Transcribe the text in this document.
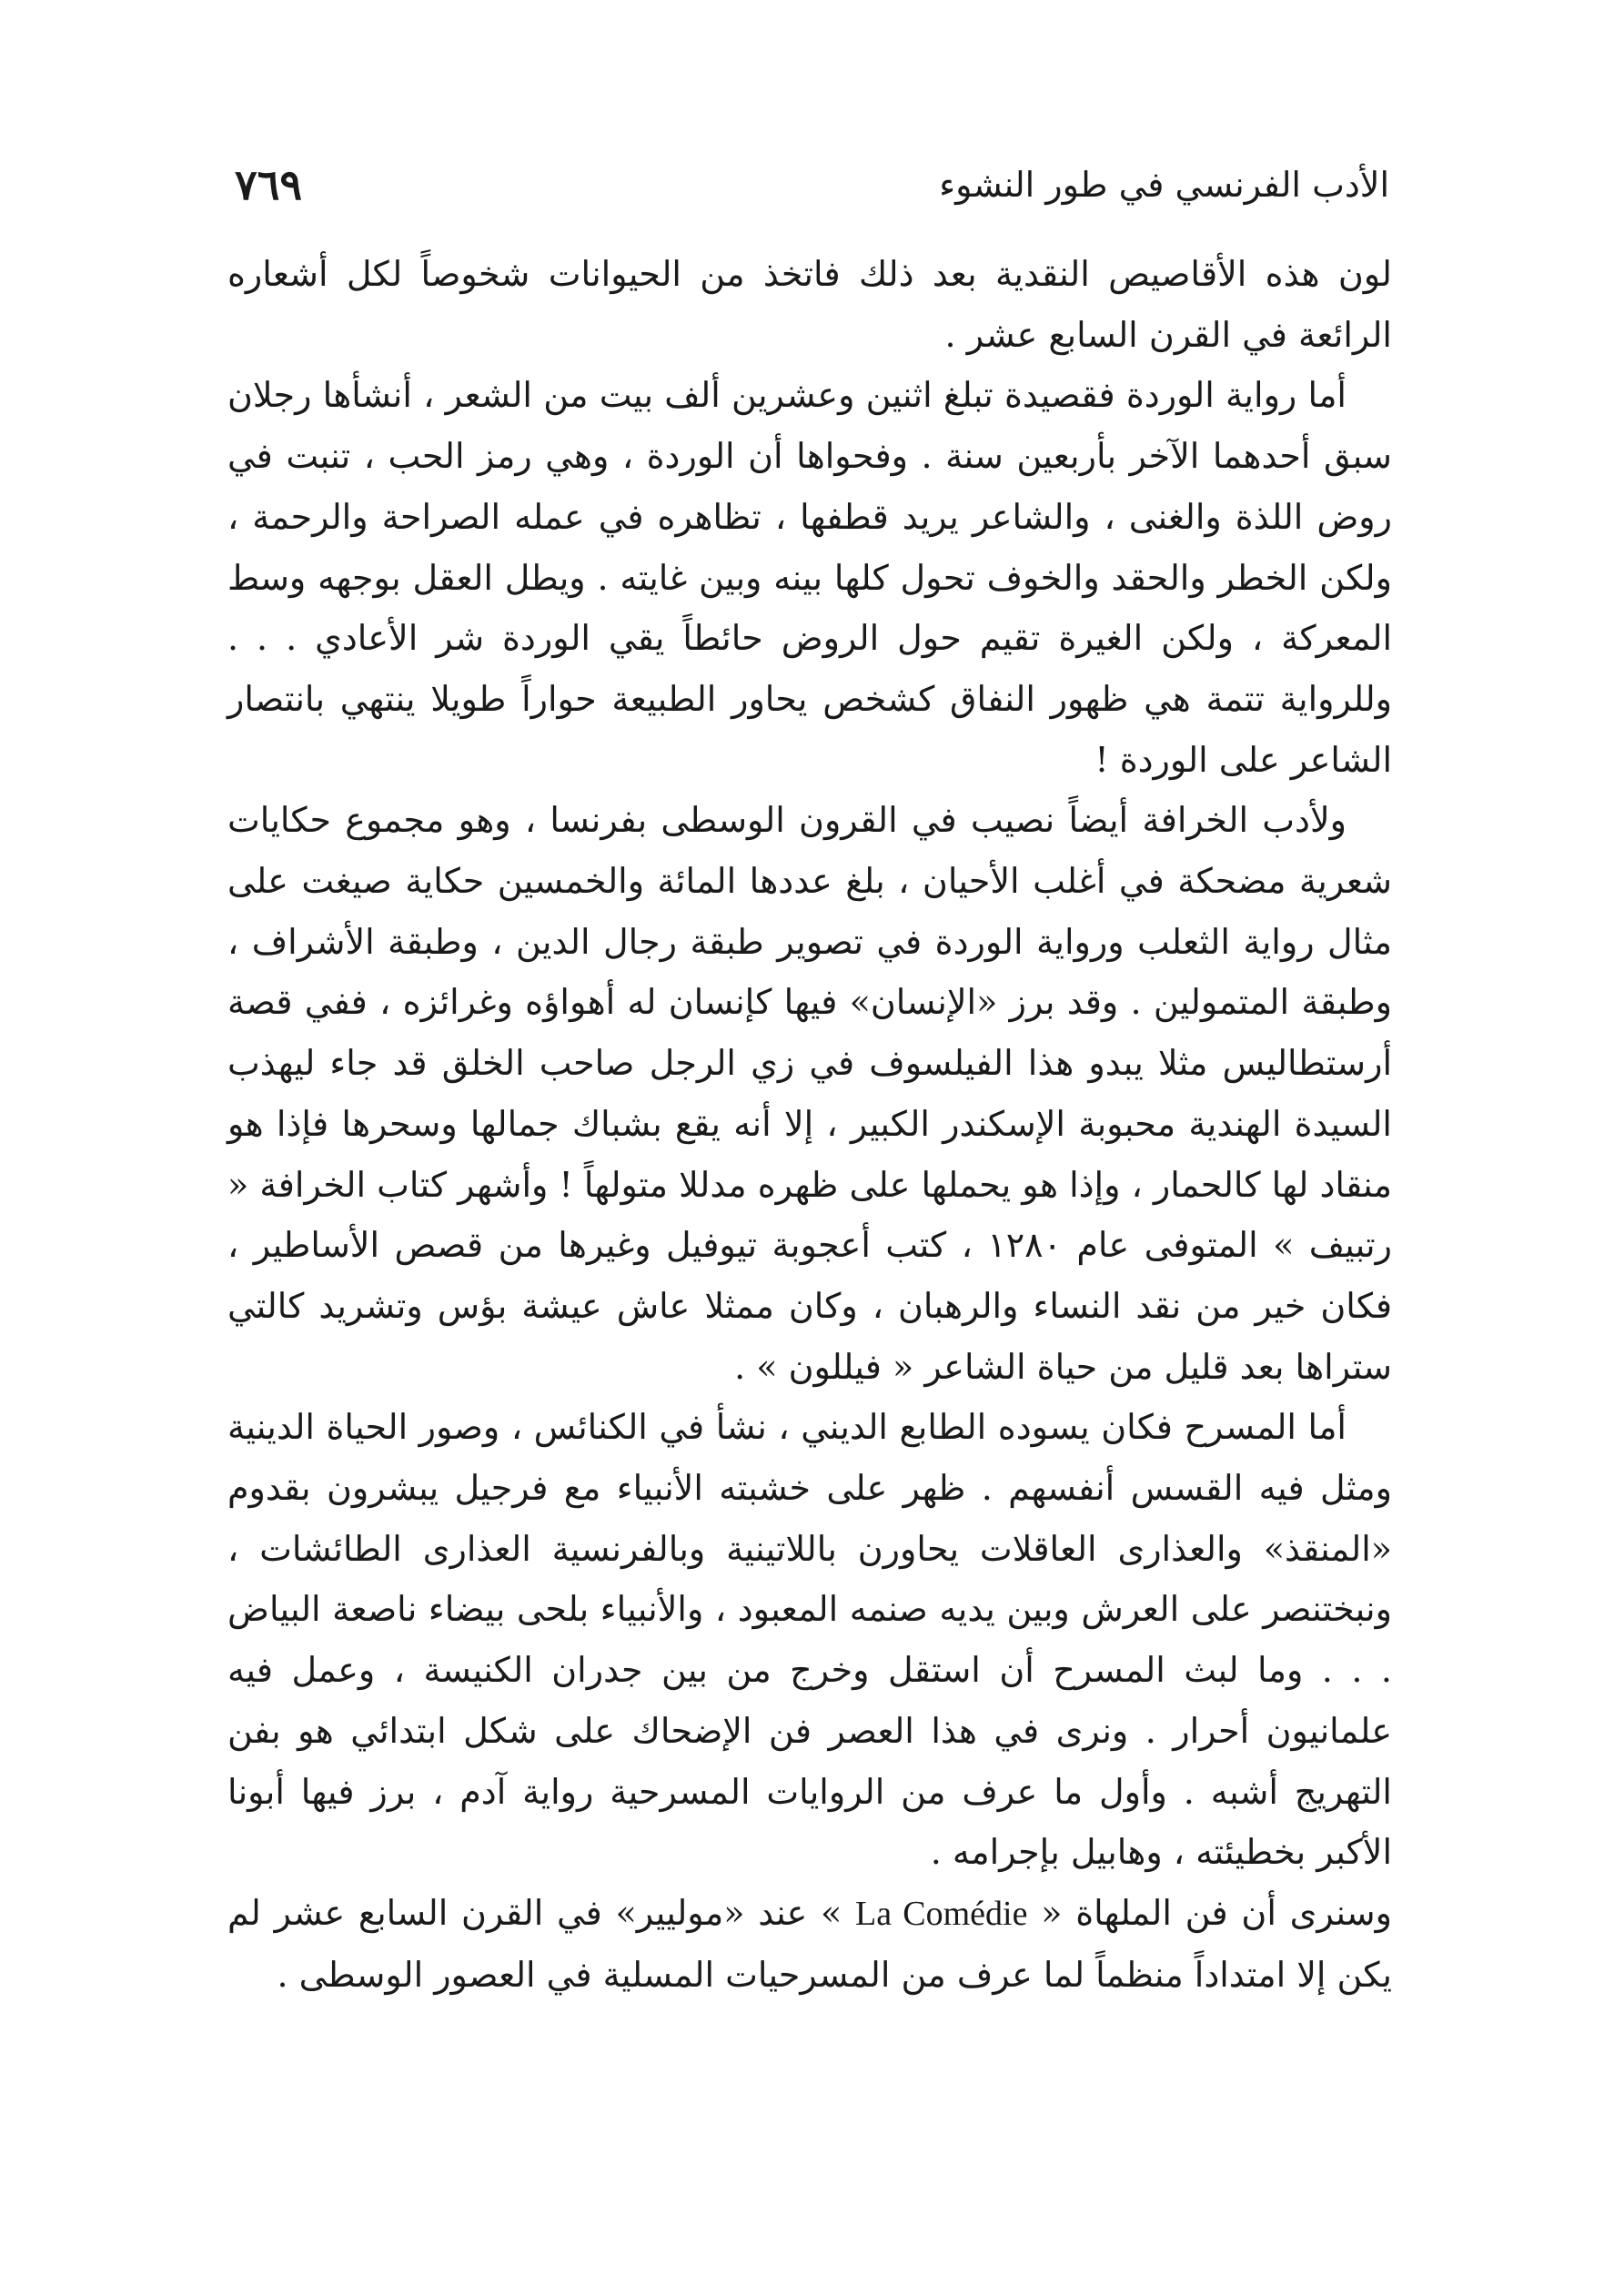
الأدب الفرنسي في طور النشوء
٧٦٩

لون هذه الأقاصيص النقدية بعد ذلك فاتخذ من الحيوانات شخوصاً لكل أشعاره الرائعة في القرن السابع عشر .

أما رواية الوردة فقصيدة تبلغ اثنين وعشرين ألف بيت من الشعر ، أنشأها رجلان سبق أحدهما الآخر بأربعين سنة . وفحواها أن الوردة ، وهي رمز الحب ، تنبت في روض اللذة والغنى ، والشاعر يريد قطفها ، تظاهره في عمله الصراحة والرحمة ، ولكن الخطر والحقد والخوف تحول كلها بينه وبين غايته . ويطل العقل بوجهه وسط المعركة ، ولكن الغيرة تقيم حول الروض حائطاً يقي الوردة شر الأعادي . . . وللرواية تتمة هي ظهور النفاق كشخص يحاور الطبيعة حواراً طويلا ينتهي بانتصار الشاعر على الوردة !

ولأدب الخرافة أيضاً نصيب في القرون الوسطى بفرنسا ، وهو مجموع حكايات شعرية مضحكة في أغلب الأحيان ، بلغ عددها المائة والخمسين حكاية صيغت على مثال رواية الثعلب ورواية الوردة في تصوير طبقة رجال الدين ، وطبقة الأشراف ، وطبقة المتمولين . وقد برز «الإنسان» فيها كإنسان له أهواؤه وغرائزه ، ففي قصة أرستطاليس مثلا يبدو هذا الفيلسوف في زي الرجل صاحب الخلق قد جاء ليهذب السيدة الهندية محبوبة الإسكندر الكبير ، إلا أنه يقع بشباك جمالها وسحرها فإذا هو منقاد لها كالحمار ، وإذا هو يحملها على ظهره مدللا متولهاً ! وأشهر كتاب الخرافة « رتبيف » المتوفى عام ١٢٨٠ ، كتب أعجوبة تيوفيل وغيرها من قصص الأساطير ، فكان خير من نقد النساء والرهبان ، وكان ممثلا عاش عيشة بؤس وتشريد كالتي ستراها بعد قليل من حياة الشاعر « فيللون » .

أما المسرح فكان يسوده الطابع الديني ، نشأ في الكنائس ، وصور الحياة الدينية ومثل فيه القسس أنفسهم . ظهر على خشبته الأنبياء مع فرجيل يبشرون بقدوم «المنقذ» والعذارى العاقلات يحاورن باللاتينية وبالفرنسية العذارى الطائشات ، ونبختنصر على العرش وبين يديه صنمه المعبود ، والأنبياء بلحى بيضاء ناصعة البياض . . . وما لبث المسرح أن استقل وخرج من بين جدران الكنيسة ، وعمل فيه علمانيون أحرار . ونرى في هذا العصر فن الإضحاك على شكل ابتدائي هو بفن التهريج أشبه . وأول ما عرف من الروايات المسرحية رواية آدم ، برز فيها أبونا الأكبر بخطيئته ، وهابيل بإجرامه .

وسنرى أن فن الملهاة « La Comédie » عند «موليير» في القرن السابع عشر لم يكن إلا امتداداً منظماً لما عرف من المسرحيات المسلية في العصور الوسطى .
